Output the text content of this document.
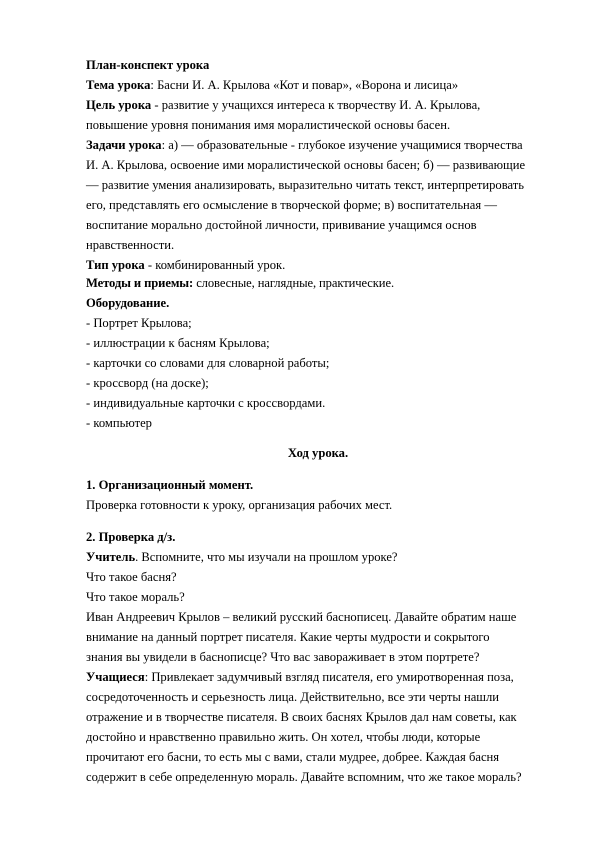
План-конспект урока
Тема урока: Басни И. А. Крылова «Кот и повар», «Ворона и лисица»
Цель урока - развитие у учащихся интереса к творчеству И. А. Крылова,
повышение уровня понимания имя моралистической основы басен.
Задачи урока: а) — образовательные - глубокое изучение учащимися творчества
И. А. Крылова, освоение ими моралистической основы басен; б) — развивающие
— развитие умения анализировать, выразительно читать текст, интерпретировать
его, представлять его осмысление в творческой форме; в) воспитательная —
воспитание морально достойной личности, прививание учащимся основ
нравственности.
Тип урока - комбинированный урок.
Методы и приемы: словесные, наглядные, практические.
Оборудование.
- Портрет Крылова;
- иллюстрации к басням Крылова;
- карточки со словами для словарной работы;
- кроссворд (на доске);
- индивидуальные карточки с кроссвордами.
- компьютер
Ход урока.
1. Организационный момент.
Проверка готовности к уроку, организация рабочих мест.
2. Проверка д/з.
Учитель. Вспомните, что мы изучали на прошлом уроке?
Что такое басня?
Что такое мораль?
Иван Андреевич Крылов – великий русский баснописец. Давайте обратим наше
внимание на данный портрет писателя. Какие черты мудрости и сокрытого
знания вы увидели в баснописце? Что вас завораживает в этом портрете?
Учащиеся: Привлекает задумчивый взгляд писателя, его умиротворенная поза,
сосредоточенность и серьезность лица. Действительно, все эти черты нашли
отражение и в творчестве писателя. В своих баснях Крылов дал нам советы, как
достойно и нравственно правильно жить. Он хотел, чтобы люди, которые
прочитают его басни, то есть мы с вами, стали мудрее, добрее. Каждая басня
содержит в себе определенную мораль. Давайте вспомним, что же такое мораль?
